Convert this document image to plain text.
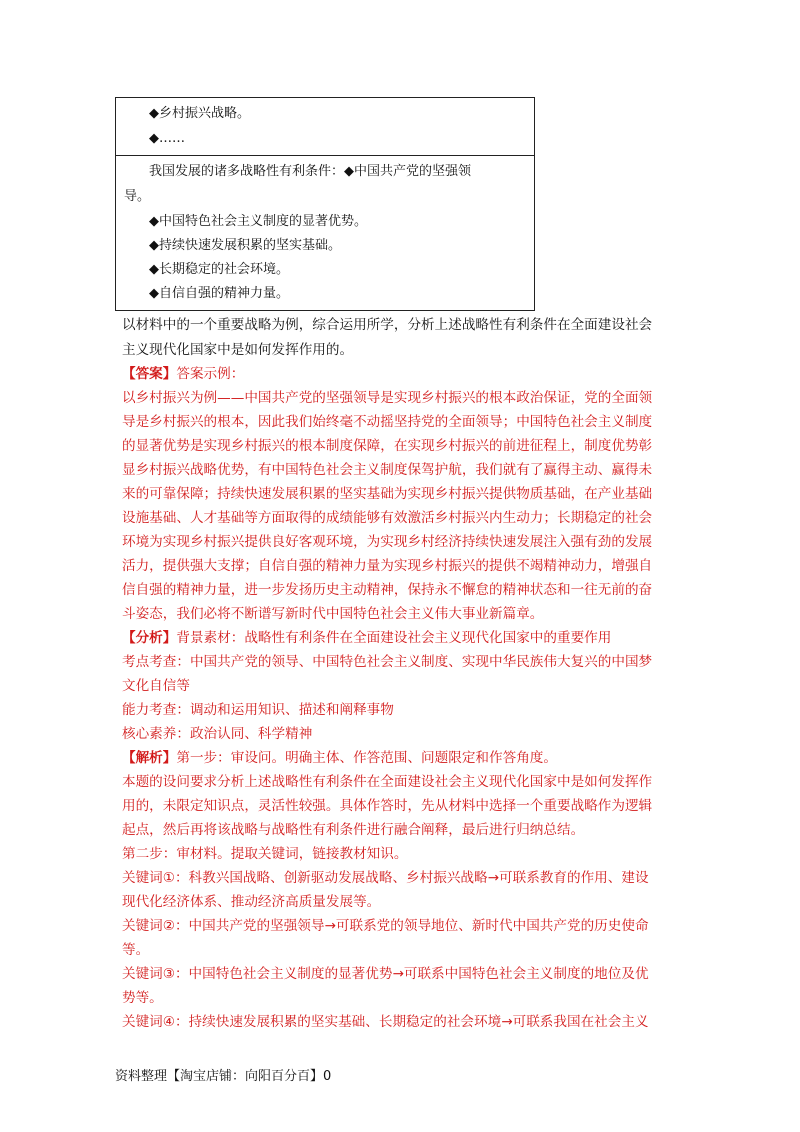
◆乡村振兴战略。
◆……
我国发展的诸多战略性有利条件：◆中国共产党的坚强领
导。
◆中国特色社会主义制度的显著优势。
◆持续快速发展积累的坚实基础。
◆长期稳定的社会环境。
◆自信自强的精神力量。
以材料中的一个重要战略为例，综合运用所学，分析上述战略性有利条件在全面建设社会
主义现代化国家中是如何发挥作用的。
【答案】答案示例：
以乡村振兴为例——中国共产党的坚强领导是实现乡村振兴的根本政治保证，党的全面领
导是乡村振兴的根本，因此我们始终毫不动摇坚持党的全面领导；中国特色社会主义制度
的显著优势是实现乡村振兴的根本制度保障，在实现乡村振兴的前进征程上，制度优势彰
显乡村振兴战略优势，有中国特色社会主义制度保驾护航，我们就有了赢得主动、赢得未
来的可靠保障；持续快速发展积累的坚实基础为实现乡村振兴提供物质基础，在产业基础
设施基础、人才基础等方面取得的成绩能够有效激活乡村振兴内生动力；长期稳定的社会
环境为实现乡村振兴提供良好客观环境，为实现乡村经济持续快速发展注入强有劲的发展
活力，提供强大支撑；自信自强的精神力量为实现乡村振兴的提供不竭精神动力，增强自
信自强的精神力量，进一步发扬历史主动精神，保持永不懈怠的精神状态和一往无前的奋
斗姿态，我们必将不断谱写新时代中国特色社会主义伟大事业新篇章。
【分析】背景素材：战略性有利条件在全面建设社会主义现代化国家中的重要作用
考点考查：中国共产党的领导、中国特色社会主义制度、实现中华民族伟大复兴的中国梦
文化自信等
能力考查：调动和运用知识、描述和阐释事物
核心素养：政治认同、科学精神
【解析】第一步：审设问。明确主体、作答范围、问题限定和作答角度。
本题的设问要求分析上述战略性有利条件在全面建设社会主义现代化国家中是如何发挥作
用的，未限定知识点，灵活性较强。具体作答时，先从材料中选择一个重要战略作为逻辑
起点，然后再将该战略与战略性有利条件进行融合阐释，最后进行归纳总结。
第二步：审材料。提取关键词，链接教材知识。
关键词①：科教兴国战略、创新驱动发展战略、乡村振兴战略→可联系教育的作用、建设
现代化经济体系、推动经济高质量发展等。
关键词②：中国共产党的坚强领导→可联系党的领导地位、新时代中国共产党的历史使命
等。
关键词③：中国特色社会主义制度的显著优势→可联系中国特色社会主义制度的地位及优
势等。
关键词④：持续快速发展积累的坚实基础、长期稳定的社会环境→可联系我国在社会主义
资料整理【淘宝店铺：向阳百分百】0
